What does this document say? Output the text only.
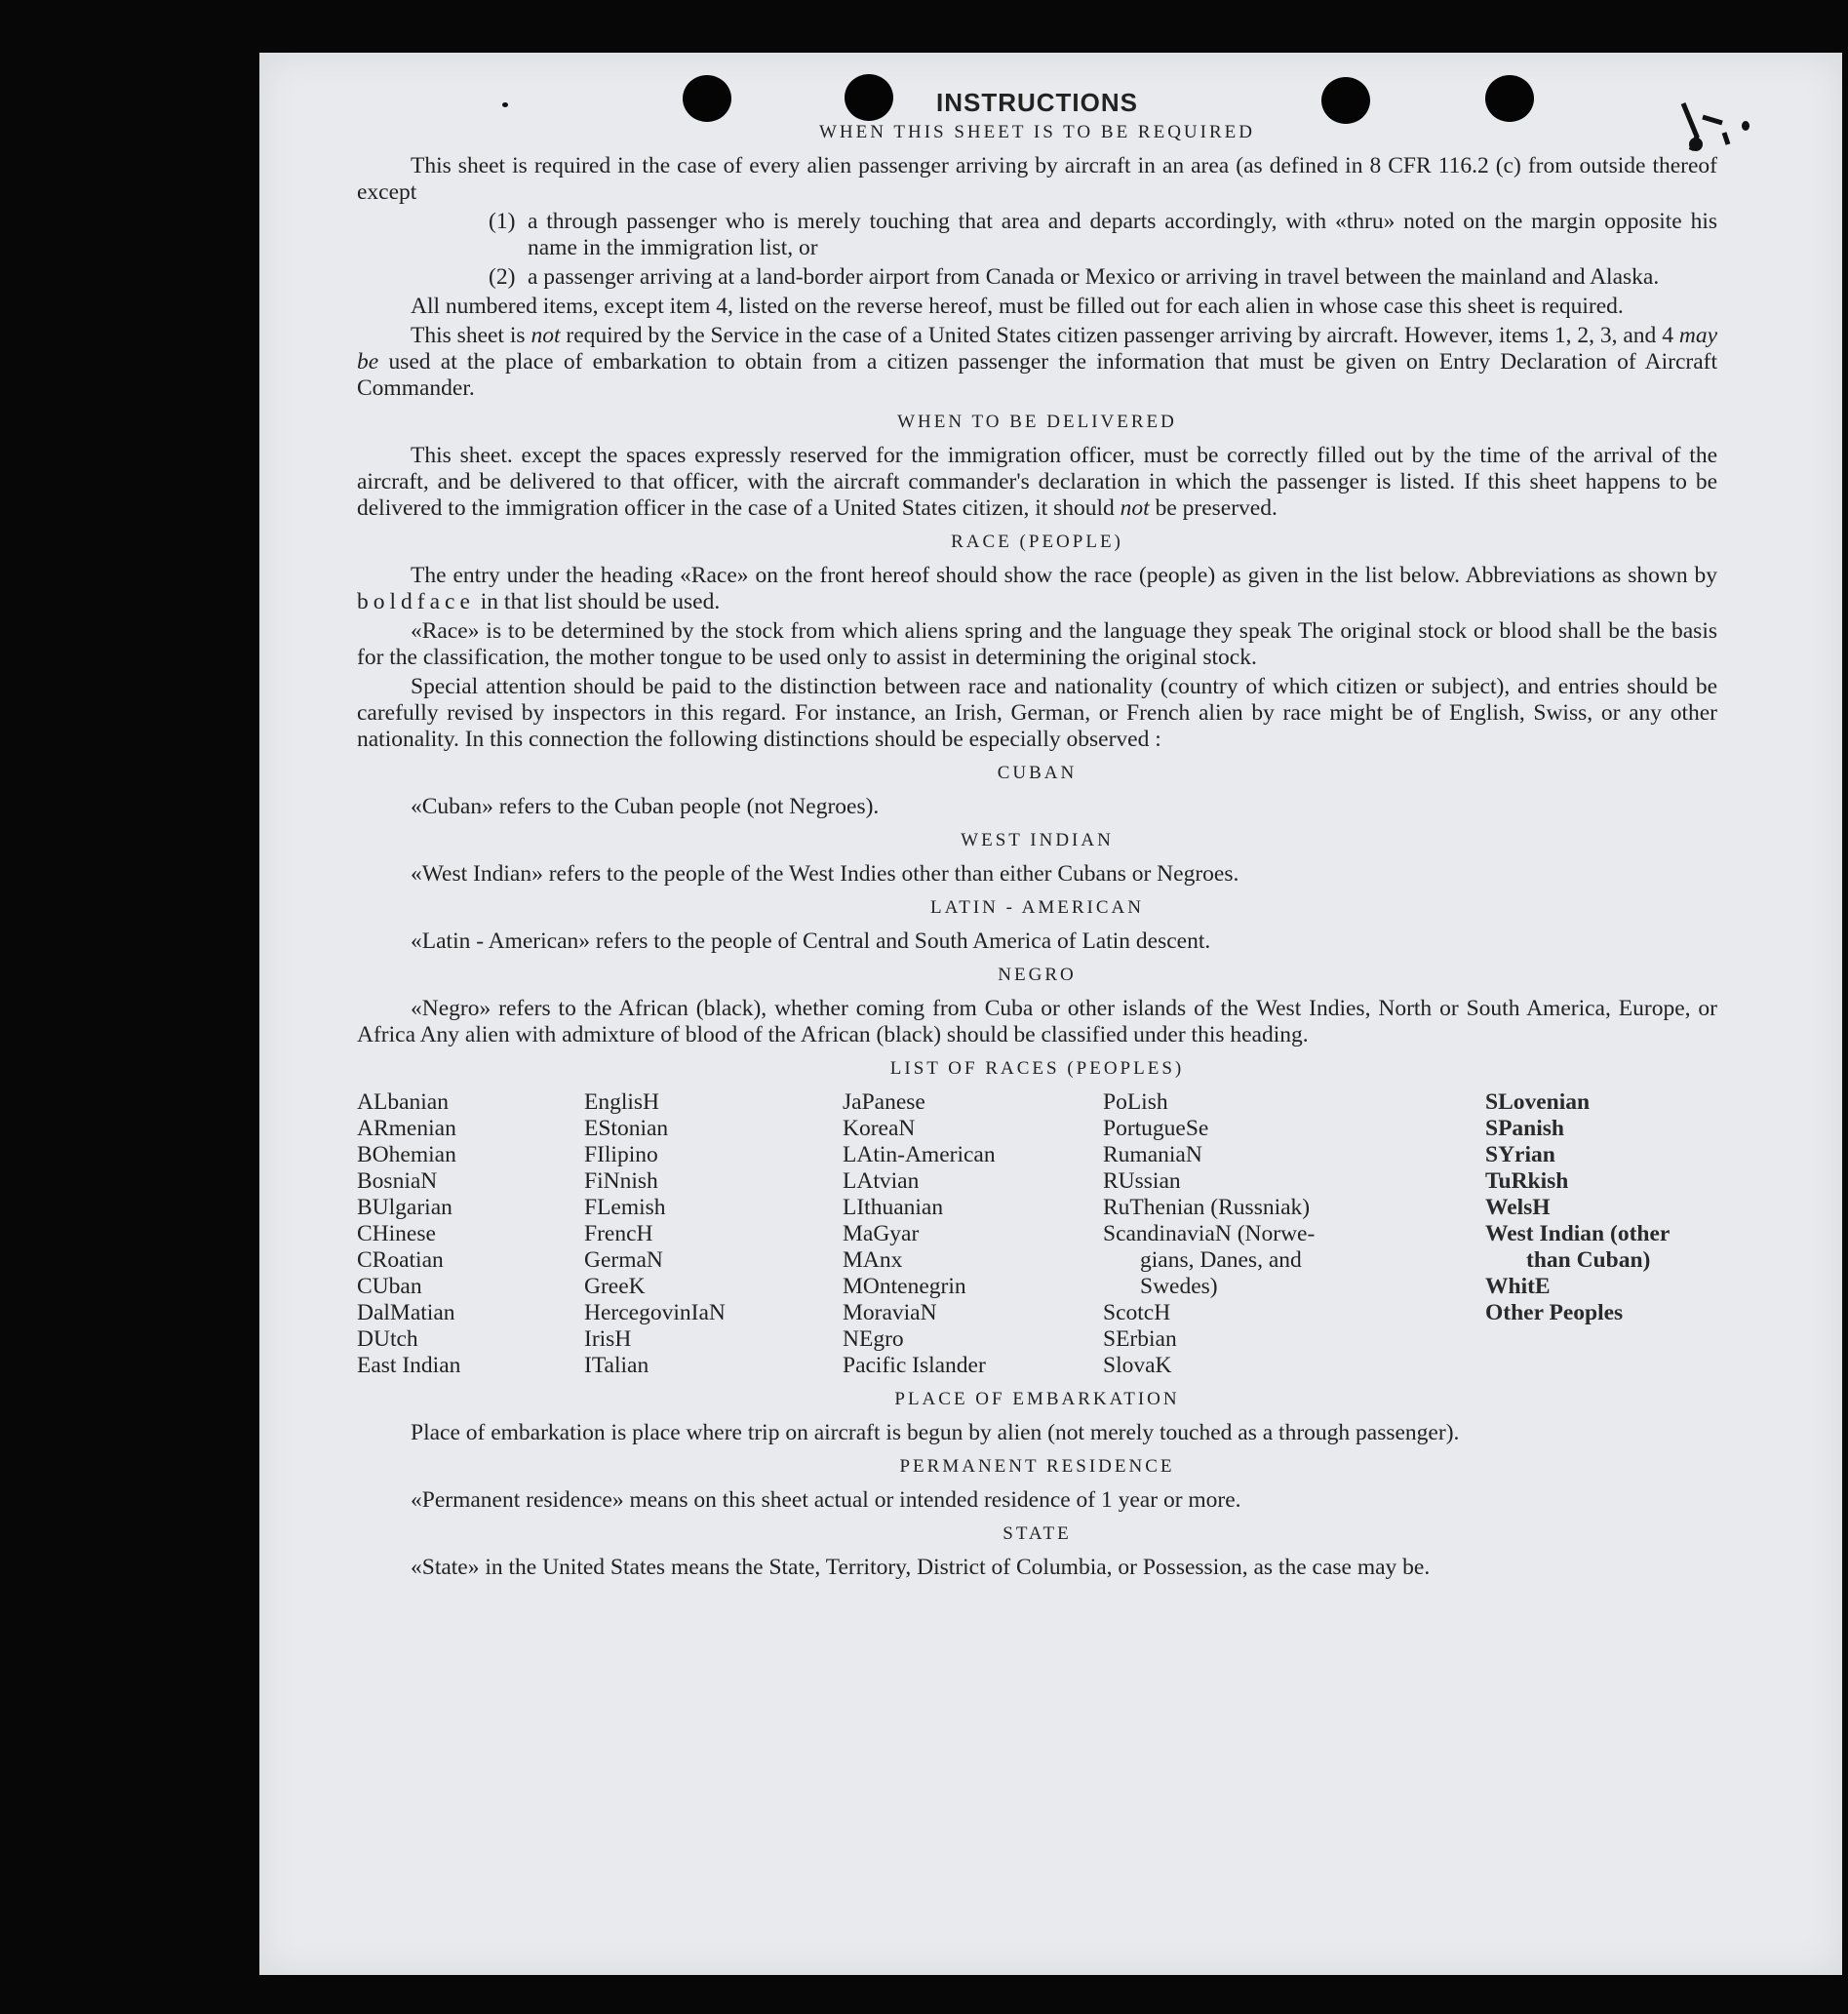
INSTRUCTIONS
WHEN THIS SHEET IS TO BE REQUIRED

This sheet is required in the case of every alien passenger arriving by aircraft in an area (as defined in 8 CFR 116.2 (c) from outside thereof except

(1) a through passenger who is merely touching that area and departs accordingly, with «thru» noted on the margin opposite his name in the immigration list, or
(2) a passenger arriving at a land-border airport from Canada or Mexico or arriving in travel between the mainland and Alaska.

All numbered items, except item 4, listed on the reverse hereof, must be filled out for each alien in whose case this sheet is required.

This sheet is not required by the Service in the case of a United States citizen passenger arriving by aircraft. However, items 1, 2, 3, and 4 may be used at the place of embarkation to obtain from a citizen passenger the information that must be given on Entry Declaration of Aircraft Commander.

WHEN TO BE DELIVERED

This sheet. except the spaces expressly reserved for the immigration officer, must be correctly filled out by the time of the arrival of the aircraft, and be delivered to that officer, with the aircraft commander's declaration in which the passenger is listed. If this sheet happens to be delivered to the immigration officer in the case of a United States citizen, it should not be preserved.

RACE (PEOPLE)

The entry under the heading «Race» on the front hereof should show the race (people) as given in the list below. Abbreviations as shown by boldface in that list should be used.

«Race» is to be determined by the stock from which aliens spring and the language they speak The original stock or blood shall be the basis for the classification, the mother tongue to be used only to assist in determining the original stock.

Special attention should be paid to the distinction between race and nationality (country of which citizen or subject), and entries should be carefully revised by inspectors in this regard. For instance, an Irish, German, or French alien by race might be of English, Swiss, or any other nationality. In this connection the following distinctions should be especially observed :

CUBAN

«Cuban» refers to the Cuban people (not Negroes).

WEST INDIAN

«West Indian» refers to the people of the West Indies other than either Cubans or Negroes.

LATIN - AMERICAN

«Latin - American» refers to the people of Central and South America of Latin descent.

NEGRO

«Negro» refers to the African (black), whether coming from Cuba or other islands of the West Indies, North or South America, Europe, or Africa Any alien with admixture of blood of the African (black) should be classified under this heading.

LIST OF RACES (PEOPLES)
ALbanian
ARmenian
BOhemian
BosniaN
BUlgarian
CHinese
CRoatian
CUban
DalMatian
DUtch
East Indian
EnglisH
EStonian
FIlipino
FiNnish
FLemish
FrencH
GermaN
GreeK
HercegovinIaN
IrisH
ITalian
JaPanese
KoreaN
LAtin-American
LAtvian
LIthuanian
MaGyar
MAnx
MOntenegrin
MoraviaN
NEgro
Pacific Islander
PoLish
PortugueSe
RumaniaN
RUssian
RuThenian (Russniak)
ScandinaviaN (Norwe-
gians, Danes, and
Swedes)
ScotcH
SErbian
SlovaK
SLovenian
SPanish
SYrian
TuRkish
WelsH
West Indian (other
than Cuban)
WhitE
Other Peoples
PLACE OF EMBARKATION

Place of embarkation is place where trip on aircraft is begun by alien (not merely touched as a through passenger).

PERMANENT RESIDENCE

«Permanent residence» means on this sheet actual or intended residence of 1 year or more.

STATE

«State» in the United States means the State, Territory, District of Columbia, or Possession, as the case may be.
